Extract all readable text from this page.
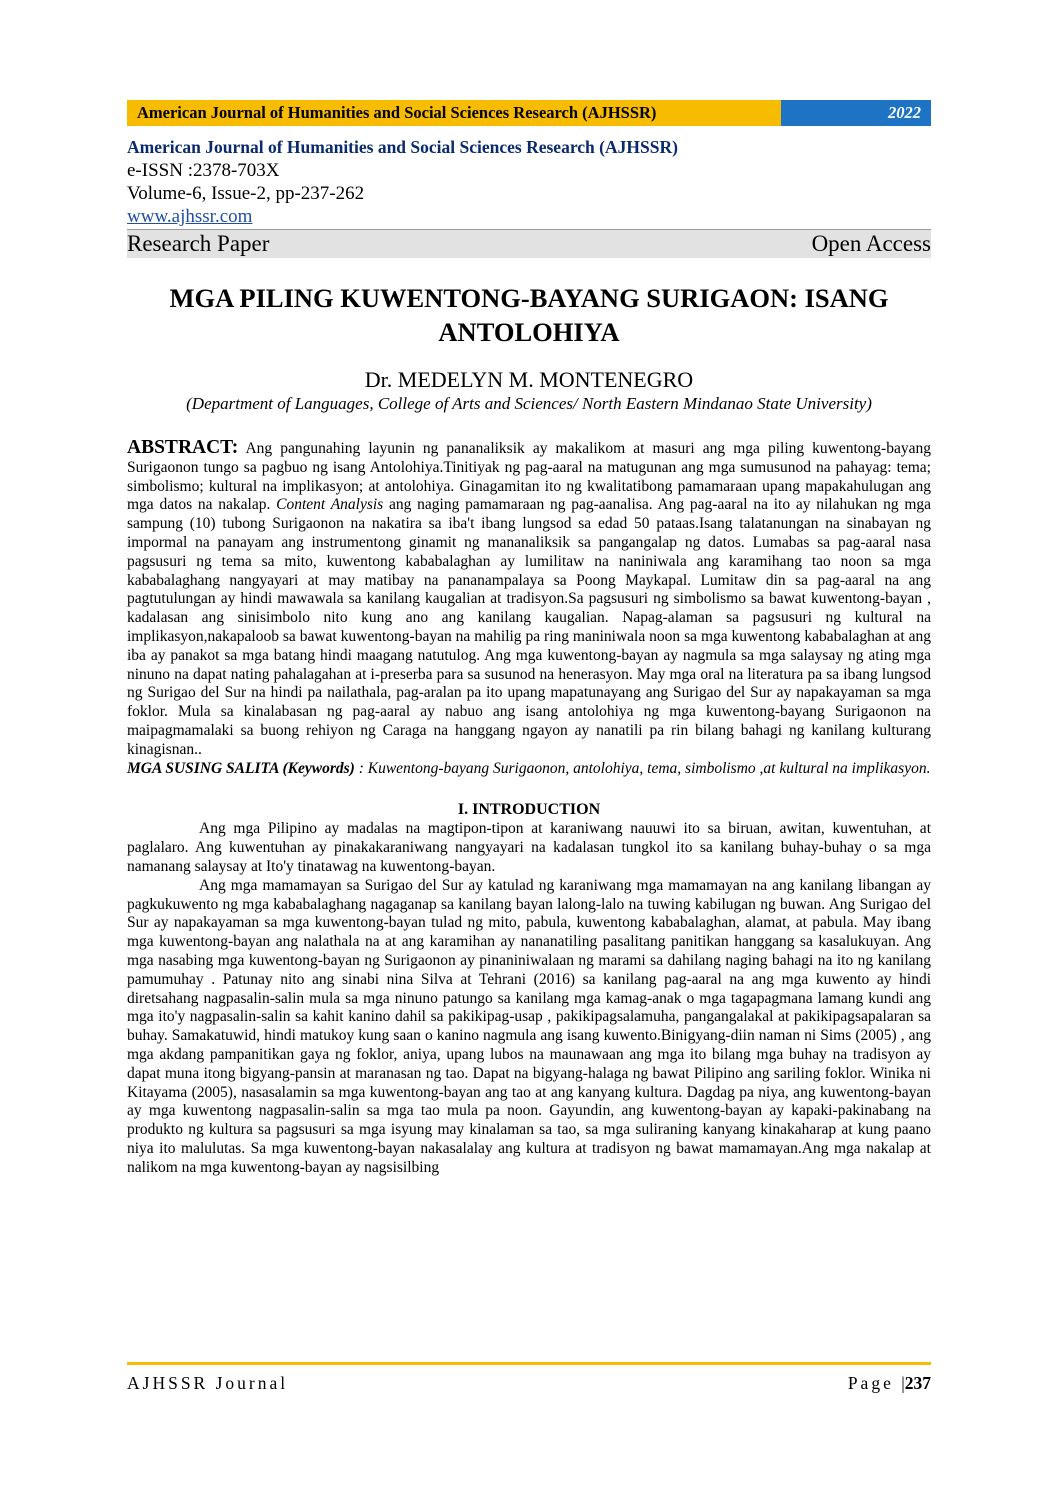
American Journal of Humanities and Social Sciences Research (AJHSSR)	2022
American Journal of Humanities and Social Sciences Research (AJHSSR)
e-ISSN :2378-703X
Volume-6, Issue-2, pp-237-262
www.ajhssr.com
Research Paper	Open Access
MGA PILING KUWENTONG-BAYANG SURIGAON: ISANG
ANTOLOHIYA
Dr. MEDELYN M. MONTENEGRO
(Department of Languages, College of Arts and Sciences/ North Eastern Mindanao State University)
ABSTRACT: Ang pangunahing layunin ng pananaliksik ay makalikom at masuri ang mga piling kuwentong-bayang Surigaonon tungo sa pagbuo ng isang Antolohiya.Tinitiyak ng pag-aaral na matugunan ang mga sumusunod na pahayag: tema; simbolismo; kultural na implikasyon; at antolohiya. Ginagamitan ito ng kwalitatibong pamamaraan upang mapakahulugan ang mga datos na nakalap. Content Analysis ang naging pamamaraan ng pag-aanalisa. Ang pag-aaral na ito ay nilahukan ng mga sampung (10) tubong Surigaonon na nakatira sa iba't ibang lungsod sa edad 50 pataas.Isang talatanungan na sinabayan ng impormal na panayam ang instrumentong ginamit ng mananaliksik sa pangangalap ng datos. Lumabas sa pag-aaral nasa pagsusuri ng tema sa mito, kuwentong kababalaghan ay lumilitaw na naniniwala ang karamihang tao noon sa mga kababalaghang nangyayari at may matibay na pananampalaya sa Poong Maykapal. Lumitaw din sa pag-aaral na ang pagtutulungan ay hindi mawawala sa kanilang kaugalian at tradisyon.Sa pagsusuri ng simbolismo sa bawat kuwentong-bayan , kadalasan ang sinisimbolo nito kung ano ang kanilang kaugalian. Napag-alaman sa pagsusuri ng kultural na implikasyon,nakapaloob sa bawat kuwentong-bayan na mahilig pa ring maniniwala noon sa mga kuwentong kababalaghan at ang iba ay panakot sa mga batang hindi maagang natutulog. Ang mga kuwentong-bayan ay nagmula sa mga salaysay ng ating mga ninuno na dapat nating pahalagahan at i-preserba para sa susunod na henerasyon. May mga oral na literatura pa sa ibang lungsod ng Surigao del Sur na hindi pa nailathala, pag-aralan pa ito upang mapatunayang ang Surigao del Sur ay napakayaman sa mga foklor. Mula sa kinalabasan ng pag-aaral ay nabuo ang isang antolohiya ng mga kuwentong-bayang Surigaonon na maipagmamalaki sa buong rehiyon ng Caraga na hanggang ngayon ay nanatili pa rin bilang bahagi ng kanilang kulturang kinagisnan..
MGA SUSING SALITA (Keywords) : Kuwentong-bayang Surigaonon, antolohiya, tema, simbolismo ,at kultural na implikasyon.
I. INTRODUCTION

Ang mga Pilipino ay madalas na magtipon-tipon at karaniwang nauuwi ito sa biruan, awitan, kuwentuhan, at paglalaro. Ang kuwentuhan ay pinakakaraniwang nangyayari na kadalasan tungkol ito sa kanilang buhay-buhay o sa mga namanang salaysay at Ito'y tinatawag na kuwentong-bayan.

Ang mga mamamayan sa Surigao del Sur ay katulad ng karaniwang mga mamamayan na ang kanilang libangan ay pagkukuwento ng mga kababalaghang nagaganap sa kanilang bayan lalong-lalo na tuwing kabilugan ng buwan. Ang Surigao del Sur ay napakayaman sa mga kuwentong-bayan tulad ng mito, pabula, kuwentong kababalaghan, alamat, at pabula. May ibang mga kuwentong-bayan ang nalathala na at ang karamihan ay nananatiling pasalitang panitikan hanggang sa kasalukuyan. Ang mga nasabing mga kuwentong-bayan ng Surigaonon ay pinaniniwalaan ng marami sa dahilang naging bahagi na ito ng kanilang pamumuhay . Patunay nito ang sinabi nina Silva at Tehrani (2016) sa kanilang pag-aaral na ang mga kuwento ay hindi diretsahang nagpasalin-salin mula sa mga ninuno patungo sa kanilang mga kamag-anak o mga tagapagmana lamang kundi ang mga ito'y nagpasalin-salin sa kahit kanino dahil sa pakikipag-usap , pakikipagsalamuha, pangangalakal at pakikipagsapalaran sa buhay. Samakatuwid, hindi matukoy kung saan o kanino nagmula ang isang kuwento.Binigyang-diin naman ni Sims (2005) , ang mga akdang pampanitikan gaya ng foklor, aniya, upang lubos na maunawaan ang mga ito bilang mga buhay na tradisyon ay dapat muna itong bigyang-pansin at maranasan ng tao. Dapat na bigyang-halaga ng bawat Pilipino ang sariling foklor. Winika ni Kitayama (2005), nasasalamin sa mga kuwentong-bayan ang tao at ang kanyang kultura. Dagdag pa niya, ang kuwentong-bayan ay mga kuwentong nagpasalin-salin sa mga tao mula pa noon. Gayundin, ang kuwentong-bayan ay kapaki-pakinabang na produkto ng kultura sa pagsusuri sa mga isyung may kinalaman sa tao, sa mga suliraning kanyang kinakaharap at kung paano niya ito malulutas. Sa mga kuwentong-bayan nakasalalay ang kultura at tradisyon ng bawat mamamayan.Ang mga nakalap at nalikom na mga kuwentong-bayan ay nagsisilbing

AJHSSR Journal	Page |237
